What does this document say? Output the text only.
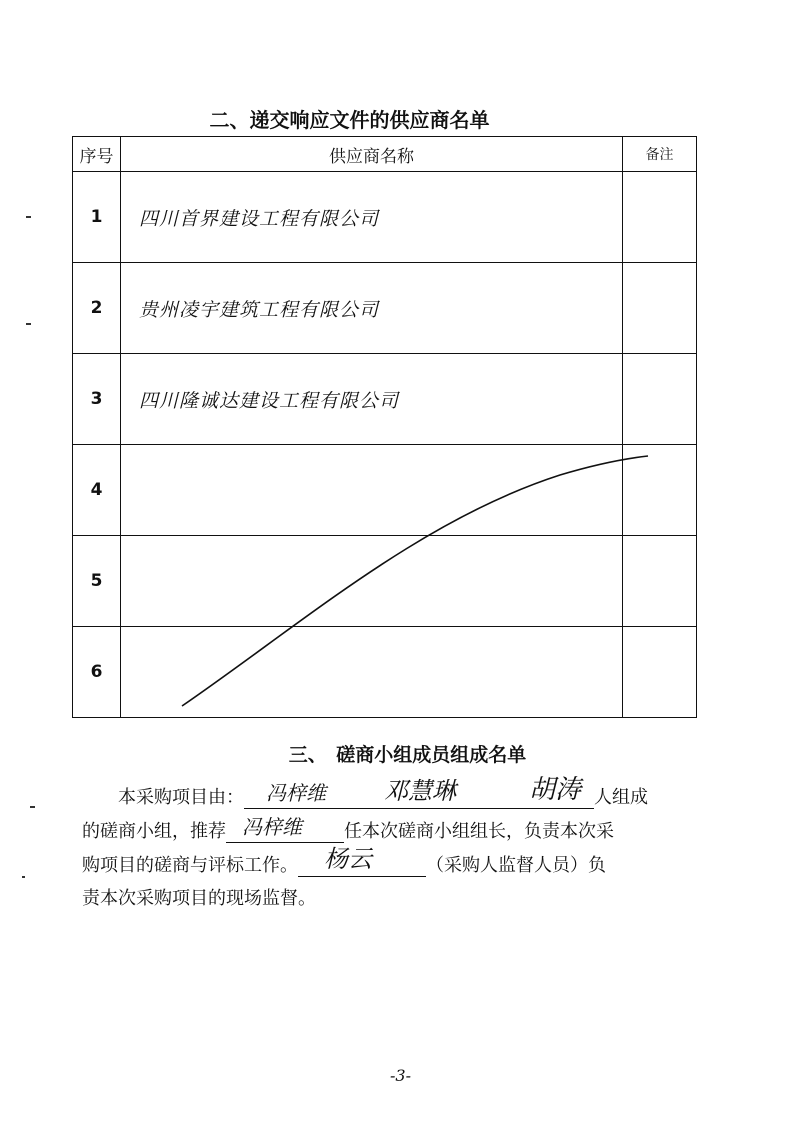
二、递交响应文件的供应商名单
序号	供应商名称	备注
1	四川首界建设工程有限公司	
2	贵州凌宇建筑工程有限公司	
3	四川隆诚达建设工程有限公司	
4		
5		
6		
三、　磋商小组成员组成名单
本采购项目由： 冯梓维 邓慧琳	胡涛 人组成
的磋商小组，推荐 冯梓维 任本次磋商小组组长，负责本次采
购项目的磋商与评标工作。 杨云	（采购人监督人员）负
责本次采购项目的现场监督。
-3-
